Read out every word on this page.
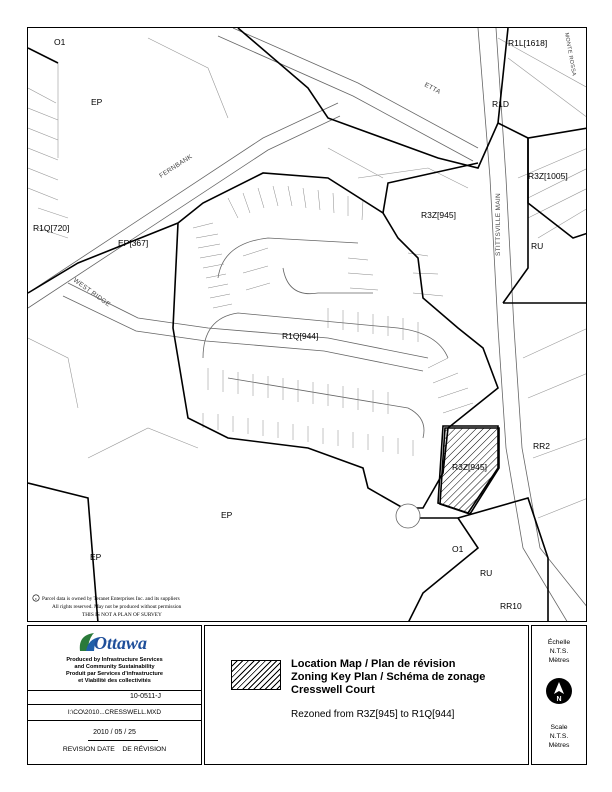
O1	R1L[1618]
EP	R1D
R3Z[1005]
R1Q[720]
EP[367]
R3Z[945]
RU
R1Q[944]
RR2
R3Z[945]
EP
EP
O1
RU
RR10
FERNBANK
ETTA
STITTSVILLE MAIN
WEST RIDGE
MONTE ROSSA
c Parcel data is owned by Teranet Enterprises Inc. and its suppliers
All rights reserved. May not be produced without permission
THIS IS NOT A PLAN OF SURVEY
Ottawa
Produced by Infrastructure Services
and Community Sustainability
Produit par Services d'infrastructure
et Viabilité des collectivités
10-0511-J
I:\CO\2010...CRESSWELL.MXD
2010 / 05 / 25
REVISION DATE    DE RÉVISION
Location Map / Plan de révision
Zoning Key Plan / Schéma de zonage
Cresswell Court
Rezoned from R3Z[945] to R1Q[944]
Échelle
N.T.S.
Mètres
N
Scale
N.T.S.
Mètres
